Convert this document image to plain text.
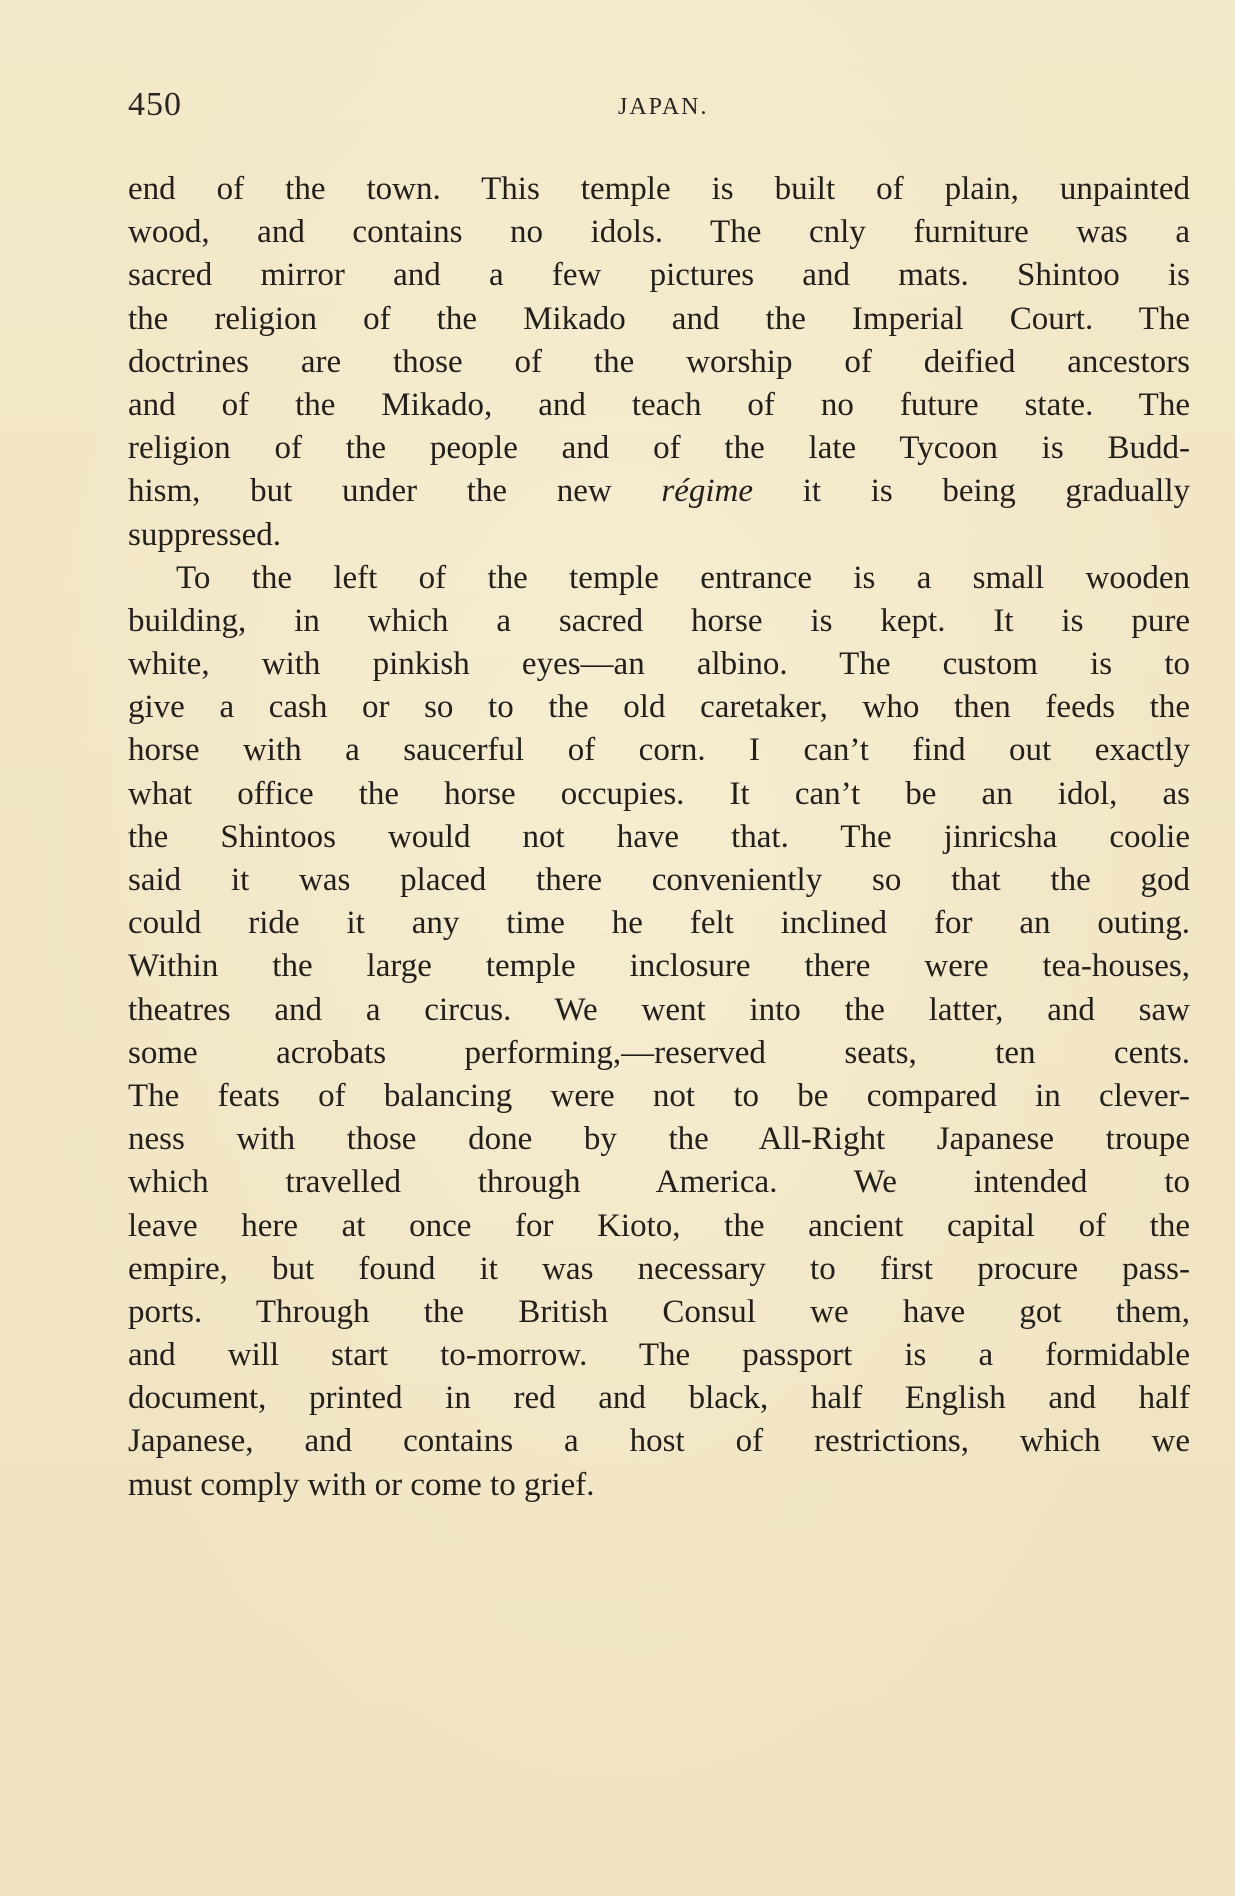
450	JAPAN.
end of the town. This temple is built of plain, unpainted
wood, and contains no idols. The cnly furniture was a
sacred mirror and a few pictures and mats. Shintoo is
the religion of the Mikado and the Imperial Court. The
doctrines are those of the worship of deified ancestors
and of the Mikado, and teach of no future state. The
religion of the people and of the late Tycoon is Budd-
hism, but under the new régime it is being gradually
suppressed.
To the left of the temple entrance is a small wooden
building, in which a sacred horse is kept. It is pure
white, with pinkish eyes—an albino. The custom is to
give a cash or so to the old caretaker, who then feeds the
horse with a saucerful of corn. I can’t find out exactly
what office the horse occupies. It can’t be an idol, as
the Shintoos would not have that. The jinricsha coolie
said it was placed there conveniently so that the god
could ride it any time he felt inclined for an outing.
Within the large temple inclosure there were tea-houses,
theatres and a circus. We went into the latter, and saw
some acrobats performing,—reserved seats, ten cents.
The feats of balancing were not to be compared in clever-
ness with those done by the All-Right Japanese troupe
which travelled through America. We intended to
leave here at once for Kioto, the ancient capital of the
empire, but found it was necessary to first procure pass-
ports. Through the British Consul we have got them,
and will start to-morrow. The passport is a formidable
document, printed in red and black, half English and half
Japanese, and contains a host of restrictions, which we
must comply with or come to grief.
